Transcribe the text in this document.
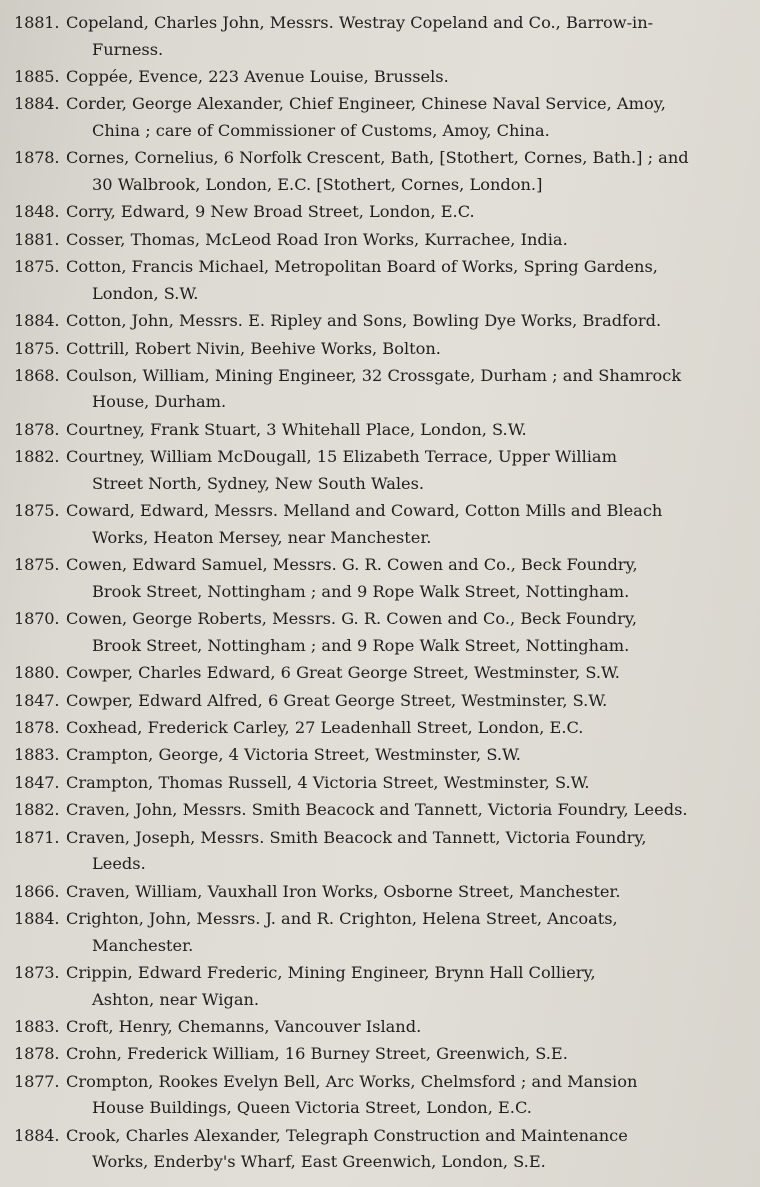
1881. Copeland, Charles John, Messrs. Westray Copeland and Co., Barrow-in-
Furness.
1885. Coppée, Evence, 223 Avenue Louise, Brussels.
1884. Corder, George Alexander, Chief Engineer, Chinese Naval Service, Amoy,
China ; care of Commissioner of Customs, Amoy, China.
1878. Cornes, Cornelius, 6 Norfolk Crescent, Bath, [Stothert, Cornes, Bath.] ; and
30 Walbrook, London, E.C. [Stothert, Cornes, London.]
1848. Corry, Edward, 9 New Broad Street, London, E.C.
1881. Cosser, Thomas, McLeod Road Iron Works, Kurrachee, India.
1875. Cotton, Francis Michael, Metropolitan Board of Works, Spring Gardens,
London, S.W.
1884. Cotton, John, Messrs. E. Ripley and Sons, Bowling Dye Works, Bradford.
1875. Cottrill, Robert Nivin, Beehive Works, Bolton.
1868. Coulson, William, Mining Engineer, 32 Crossgate, Durham ; and Shamrock
House, Durham.
1878. Courtney, Frank Stuart, 3 Whitehall Place, London, S.W.
1882. Courtney, William McDougall, 15 Elizabeth Terrace, Upper William
Street North, Sydney, New South Wales.
1875. Coward, Edward, Messrs. Melland and Coward, Cotton Mills and Bleach
Works, Heaton Mersey, near Manchester.
1875. Cowen, Edward Samuel, Messrs. G. R. Cowen and Co., Beck Foundry,
Brook Street, Nottingham ; and 9 Rope Walk Street, Nottingham.
1870. Cowen, George Roberts, Messrs. G. R. Cowen and Co., Beck Foundry,
Brook Street, Nottingham ; and 9 Rope Walk Street, Nottingham.
1880. Cowper, Charles Edward, 6 Great George Street, Westminster, S.W.
1847. Cowper, Edward Alfred, 6 Great George Street, Westminster, S.W.
1878. Coxhead, Frederick Carley, 27 Leadenhall Street, London, E.C.
1883. Crampton, George, 4 Victoria Street, Westminster, S.W.
1847. Crampton, Thomas Russell, 4 Victoria Street, Westminster, S.W.
1882. Craven, John, Messrs. Smith Beacock and Tannett, Victoria Foundry, Leeds.
1871. Craven, Joseph, Messrs. Smith Beacock and Tannett, Victoria Foundry,
Leeds.
1866. Craven, William, Vauxhall Iron Works, Osborne Street, Manchester.
1884. Crighton, John, Messrs. J. and R. Crighton, Helena Street, Ancoats,
Manchester.
1873. Crippin, Edward Frederic, Mining Engineer, Brynn Hall Colliery,
Ashton, near Wigan.
1883. Croft, Henry, Chemanns, Vancouver Island.
1878. Crohn, Frederick William, 16 Burney Street, Greenwich, S.E.
1877. Crompton, Rookes Evelyn Bell, Arc Works, Chelmsford ; and Mansion
House Buildings, Queen Victoria Street, London, E.C.
1884. Crook, Charles Alexander, Telegraph Construction and Maintenance
Works, Enderby's Wharf, East Greenwich, London, S.E.
